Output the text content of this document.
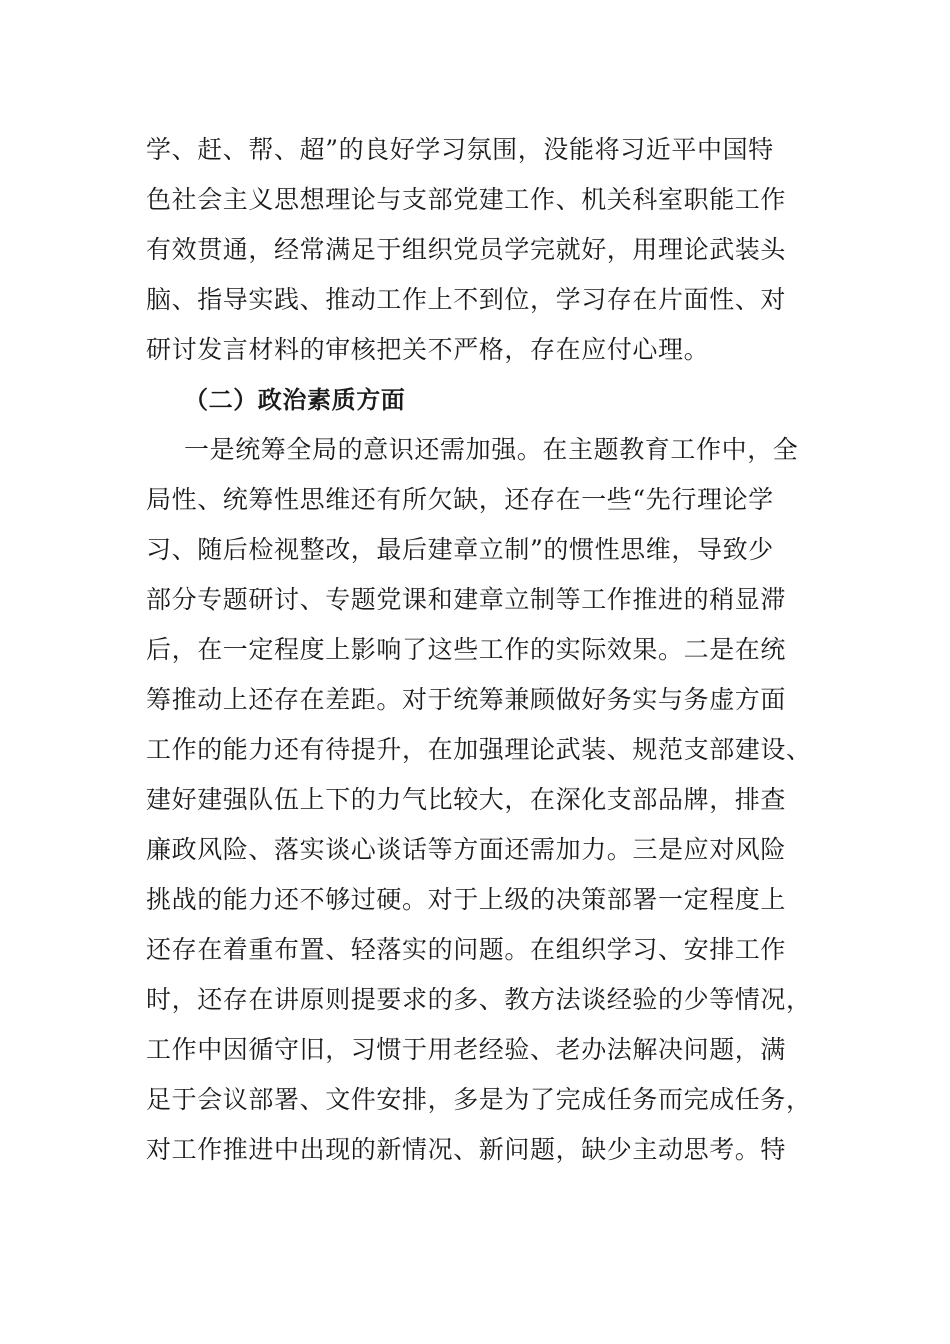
学、赶、帮、超”的良好学习氛围，没能将习近平中国特
色社会主义思想理论与支部党建工作、机关科室职能工作
有效贯通，经常满足于组织党员学完就好，用理论武装头
脑、指导实践、推动工作上不到位，学习存在片面性、对
研讨发言材料的审核把关不严格，存在应付心理。
（二）政治素质方面
一是统筹全局的意识还需加强。在主题教育工作中，全
局性、统筹性思维还有所欠缺，还存在一些“先行理论学
习、随后检视整改，最后建章立制”的惯性思维，导致少
部分专题研讨、专题党课和建章立制等工作推进的稍显滞
后，在一定程度上影响了这些工作的实际效果。二是在统
筹推动上还存在差距。对于统筹兼顾做好务实与务虚方面
工作的能力还有待提升，在加强理论武装、规范支部建设、
建好建强队伍上下的力气比较大，在深化支部品牌，排查
廉政风险、落实谈心谈话等方面还需加力。三是应对风险
挑战的能力还不够过硬。对于上级的决策部署一定程度上
还存在着重布置、轻落实的问题。在组织学习、安排工作
时，还存在讲原则提要求的多、教方法谈经验的少等情况，
工作中因循守旧，习惯于用老经验、老办法解决问题，满
足于会议部署、文件安排，多是为了完成任务而完成任务，
对工作推进中出现的新情况、新问题，缺少主动思考。特
